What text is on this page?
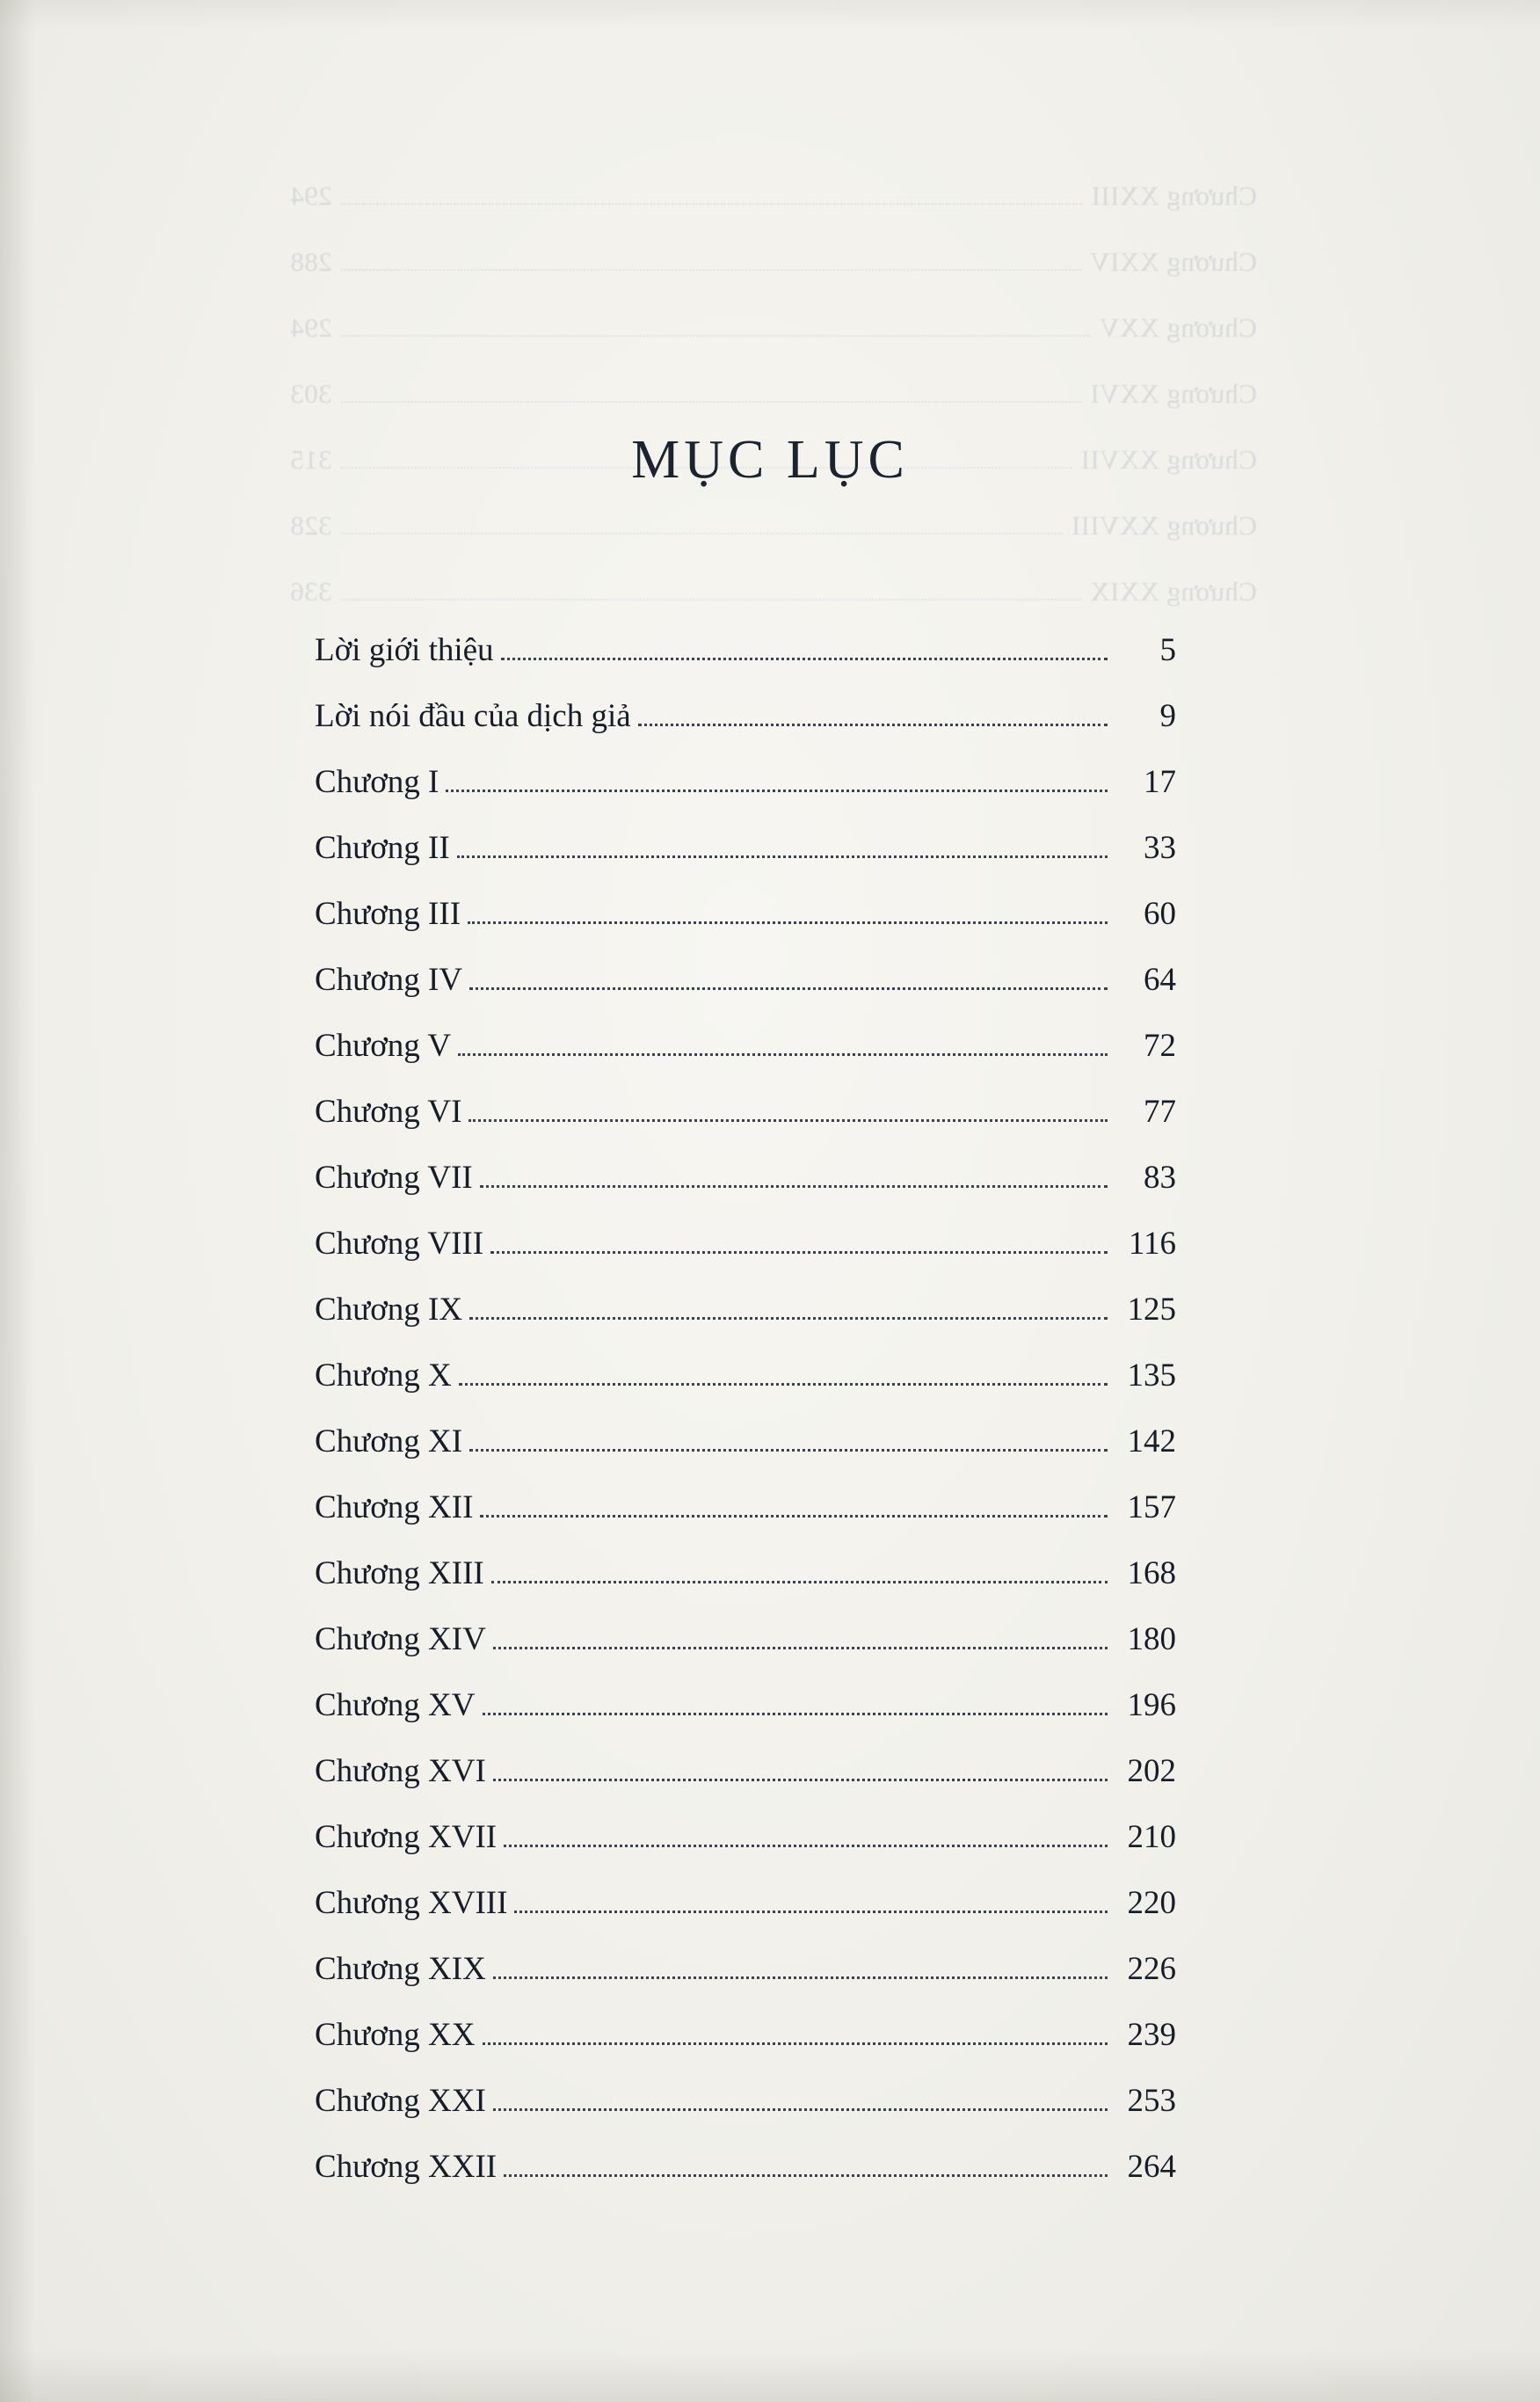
MỤC LỤC
Lời giới thiệu	5
Lời nói đầu của dịch giả	9
Chương I	17
Chương II	33
Chương III	60
Chương IV	64
Chương V	72
Chương VI	77
Chương VII	83
Chương VIII	116
Chương IX	125
Chương X	135
Chương XI	142
Chương XII	157
Chương XIII	168
Chương XIV	180
Chương XV	196
Chương XVI	202
Chương XVII	210
Chương XVIII	220
Chương XIX	226
Chương XX	239
Chương XXI	253
Chương XXII	264
